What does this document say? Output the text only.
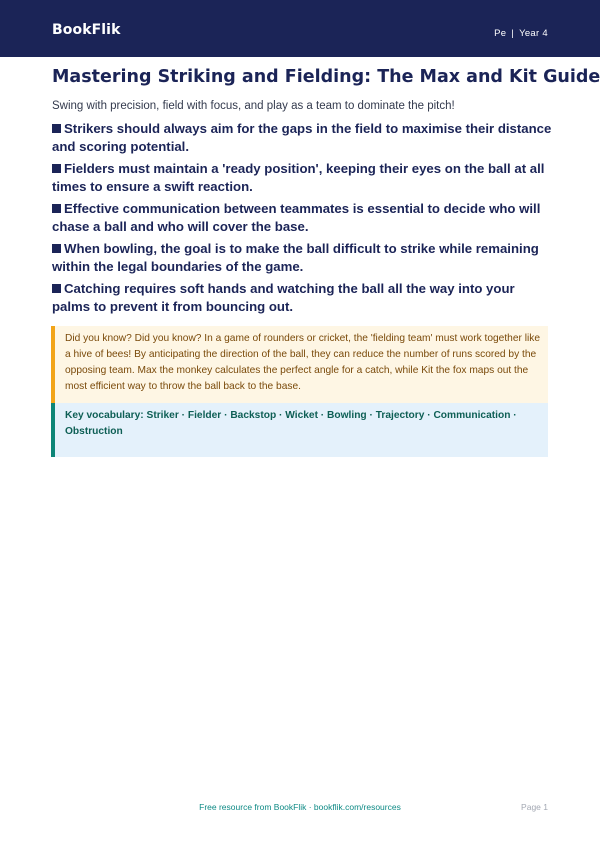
BookFlik	Pe | Year 4
Mastering Striking and Fielding: The Max and Kit Guide

Swing with precision, field with focus, and play as a team to dominate the pitch!

Strikers should always aim for the gaps in the field to maximise their distance and scoring potential.
Fielders must maintain a 'ready position', keeping their eyes on the ball at all times to ensure a swift reaction.
Effective communication between teammates is essential to decide who will chase a ball and who will cover the base.
When bowling, the goal is to make the ball difficult to strike while remaining within the legal boundaries of the game.
Catching requires soft hands and watching the ball all the way into your palms to prevent it from bouncing out.
Did you know? Did you know? In a game of rounders or cricket, the 'fielding team' must work together like a hive of bees! By anticipating the direction of the ball, they can reduce the number of runs scored by the opposing team. Max the monkey calculates the perfect angle for a catch, while Kit the fox maps out the most efficient way to throw the ball back to the base.
Key vocabulary: Striker · Fielder · Backstop · Wicket · Bowling · Trajectory · Communication · Obstruction
Free resource from BookFlik · bookflik.com/resources	Page 1
